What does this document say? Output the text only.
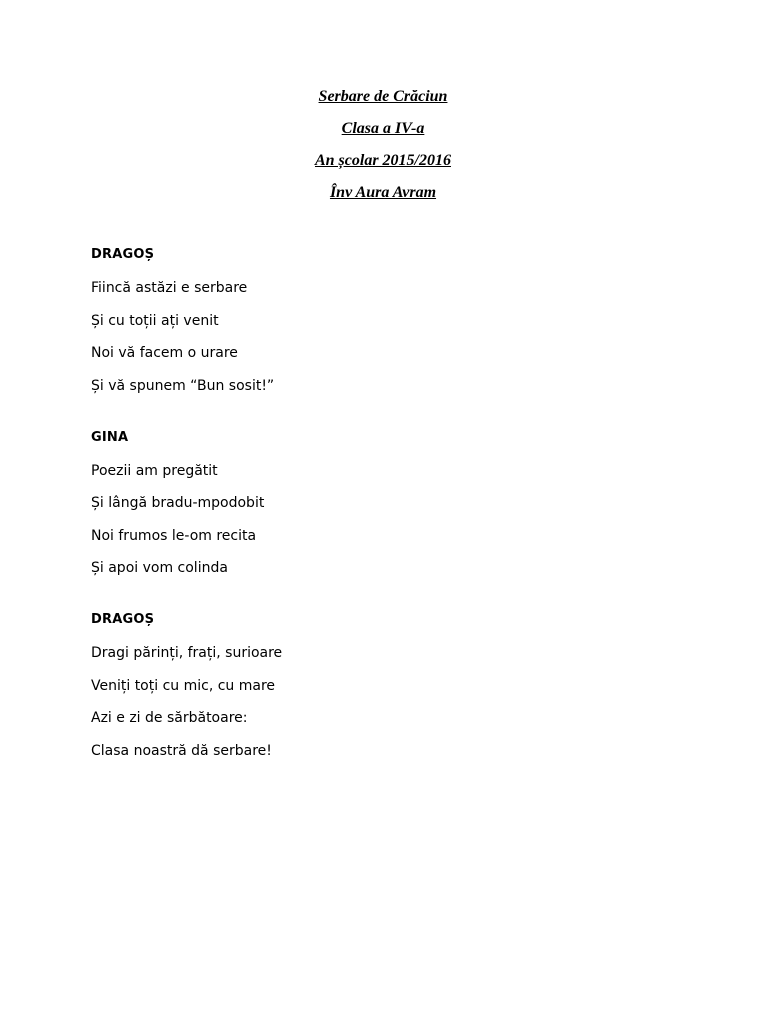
Serbare de Crăciun
Clasa a IV-a
An școlar 2015/2016
Înv Aura Avram
DRAGOȘ
Fiincă astăzi e serbare
Și cu toții ați venit
Noi vă facem o urare
Și vă spunem “Bun sosit!”
GINA
Poezii am pregătit
Și lângă bradu-mpodobit
Noi frumos le-om recita
Și apoi vom colinda
DRAGOȘ
Dragi părinți, frați, surioare
Veniți toți cu mic, cu mare
Azi e zi de sărbătoare:
Clasa noastră dă serbare!
